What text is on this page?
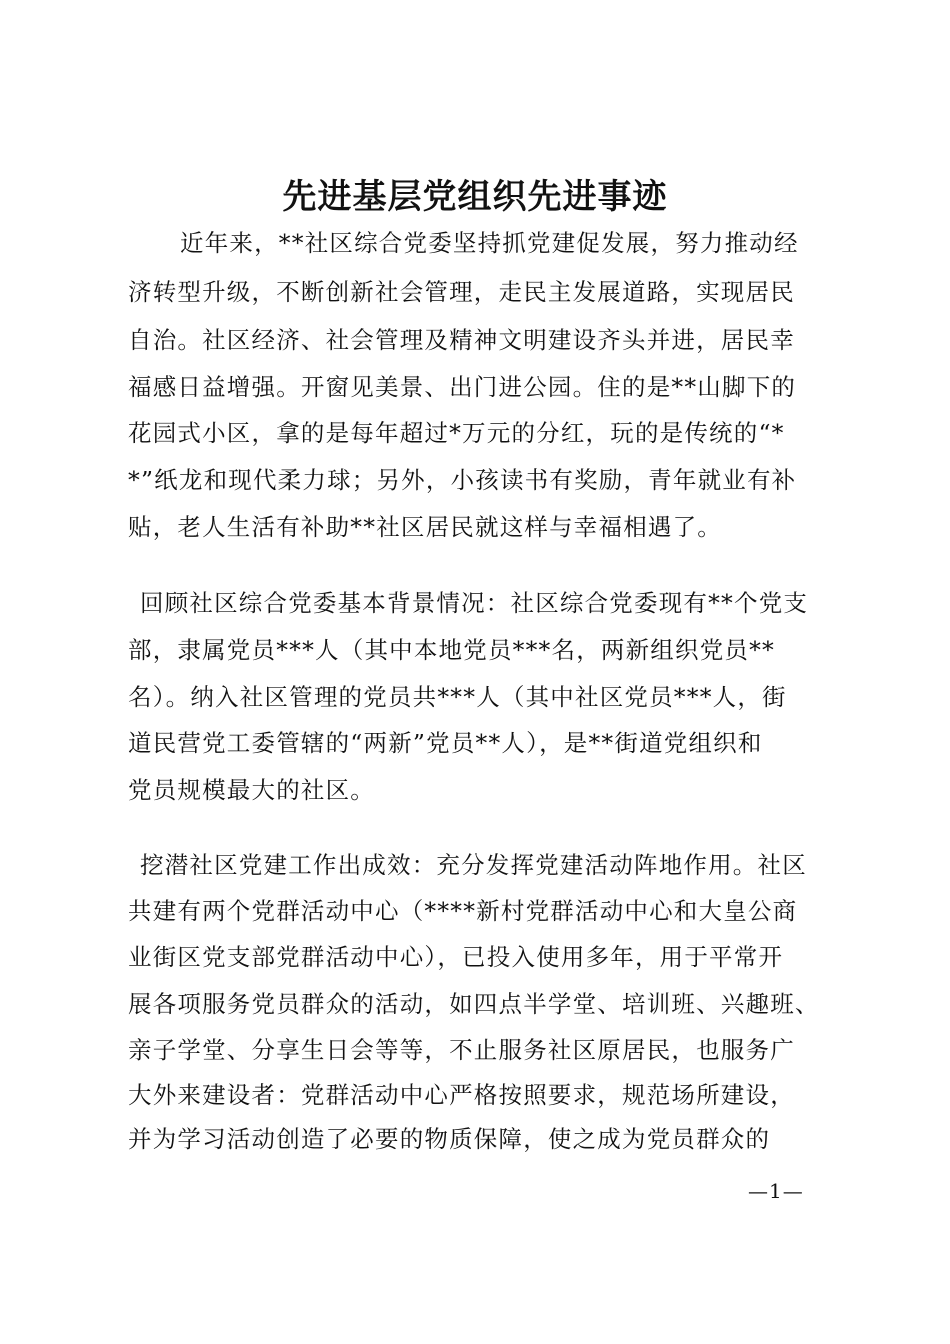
先进基层党组织先进事迹
近年来，**社区综合党委坚持抓党建促发展，努力推动经
济转型升级，不断创新社会管理，走民主发展道路，实现居民
自治。社区经济、社会管理及精神文明建设齐头并进，居民幸
福感日益增强。开窗见美景、出门进公园。住的是**山脚下的
花园式小区，拿的是每年超过*万元的分红，玩的是传统的“*
*”纸龙和现代柔力球；另外，小孩读书有奖励，青年就业有补
贴，老人生活有补助**社区居民就这样与幸福相遇了。
回顾社区综合党委基本背景情况：社区综合党委现有**个党支
部，隶属党员***人（其中本地党员***名，两新组织党员**
名）。纳入社区管理的党员共***人（其中社区党员***人，街
道民营党工委管辖的“两新”党员**人），是**街道党组织和
党员规模最大的社区。
挖潜社区党建工作出成效：充分发挥党建活动阵地作用。社区
共建有两个党群活动中心（****新村党群活动中心和大皇公商
业街区党支部党群活动中心），已投入使用多年，用于平常开
展各项服务党员群众的活动，如四点半学堂、培训班、兴趣班、
亲子学堂、分享生日会等等，不止服务社区原居民，也服务广
大外来建设者：党群活动中心严格按照要求，规范场所建设，
并为学习活动创造了必要的物质保障，使之成为党员群众的
—1—
